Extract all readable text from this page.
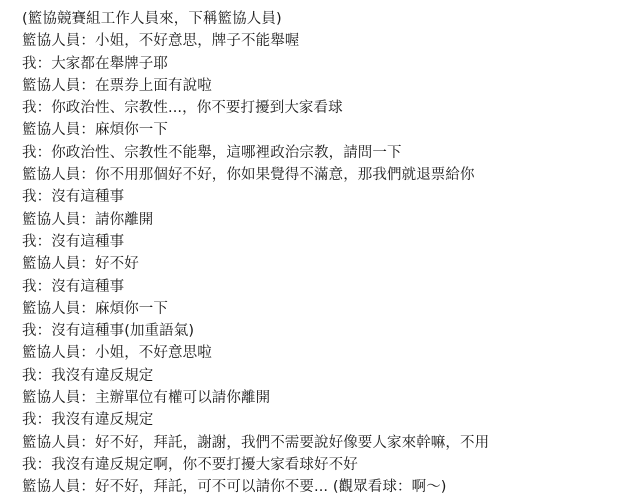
(籃協競賽組工作人員來，下稱籃協人員)
籃協人員：小姐，不好意思，牌子不能舉喔
我：大家都在舉牌子耶
籃協人員：在票券上面有說啦
我：你政治性、宗教性...，你不要打擾到大家看球
籃協人員：麻煩你一下
我：你政治性、宗教性不能舉，這哪裡政治宗教，請問一下
籃協人員：你不用那個好不好，你如果覺得不滿意，那我們就退票給你
我：沒有這種事
籃協人員：請你離開
我：沒有這種事
籃協人員：好不好
我：沒有這種事
籃協人員：麻煩你一下
我：沒有這種事(加重語氣)
籃協人員：小姐，不好意思啦
我：我沒有違反規定
籃協人員：主辦單位有權可以請你離開
我：我沒有違反規定
籃協人員：好不好，拜託，謝謝，我們不需要說好像要人家來幹嘛，不用
我：我沒有違反規定啊，你不要打擾大家看球好不好
籃協人員：好不好，拜託，可不可以請你不要... (觀眾看球：啊～)
